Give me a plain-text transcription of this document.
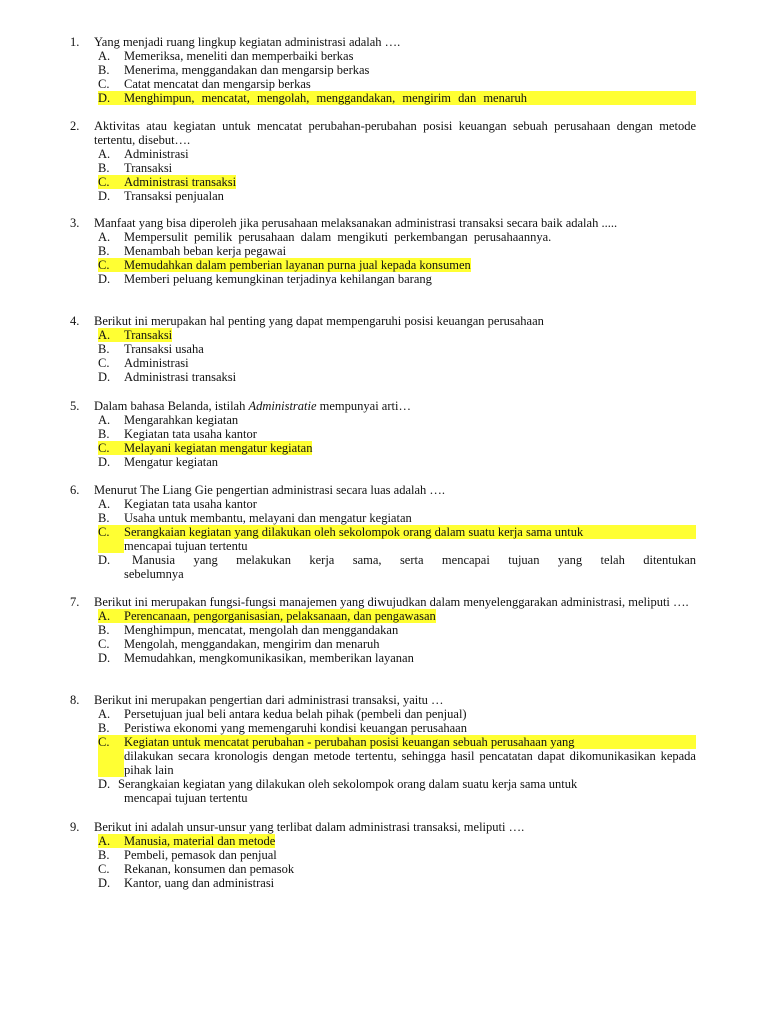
1.	Yang menjadi ruang lingkup kegiatan administrasi adalah ….
A.	Memeriksa, meneliti dan memperbaiki berkas
B.	Menerima, menggandakan dan mengarsip berkas
C.	Catat mencatat dan mengarsip berkas
D.	Menghimpun, mencatat, mengolah, menggandakan, mengirim dan menaruh
2.	Aktivitas atau kegiatan untuk mencatat perubahan-perubahan posisi keuangan sebuah perusahaan dengan metode tertentu, disebut….
A.	Administrasi
B.	Transaksi
C.	Administrasi transaksi
D.	Transaksi penjualan
3.	Manfaat yang bisa diperoleh jika perusahaan melaksanakan administrasi transaksi secara baik adalah .....
A.	Mempersulit pemilik perusahaan dalam mengikuti perkembangan perusahaannya.
B.	Menambah beban kerja pegawai
C.	Memudahkan dalam pemberian layanan purna jual kepada konsumen
D.	Memberi peluang kemungkinan terjadinya kehilangan barang
4.	Berikut ini merupakan hal penting yang dapat mempengaruhi posisi keuangan perusahaan
A.	Transaksi
B.	Transaksi usaha
C.	Administrasi
D.	Administrasi transaksi
5.	Dalam bahasa Belanda, istilah Administratie mempunyai arti…
A.	Mengarahkan kegiatan
B.	Kegiatan tata usaha kantor
C.	Melayani kegiatan mengatur kegiatan
D.	Mengatur kegiatan
6.	Menurut The Liang Gie pengertian administrasi secara luas adalah ….
A.	Kegiatan tata usaha kantor
B.	Usaha untuk membantu, melayani dan mengatur kegiatan
C.	Serangkaian kegiatan yang dilakukan oleh sekolompok orang dalam suatu kerja sama untuk
mencapai tujuan tertentu
D.	Manusia yang melakukan kerja sama, serta mencapai tujuan yang telah ditentukan
sebelumnya
7.	Berikut ini merupakan fungsi-fungsi manajemen yang diwujudkan dalam menyelenggarakan administrasi, meliputi ….
A.	Perencanaan, pengorganisasian, pelaksanaan, dan pengawasan
B.	Menghimpun, mencatat, mengolah dan menggandakan
C.	Mengolah, menggandakan, mengirim dan menaruh
D.	Memudahkan, mengkomunikasikan, memberikan layanan
8.	Berikut ini merupakan pengertian dari administrasi transaksi, yaitu …
A.	Persetujuan jual beli antara kedua belah pihak (pembeli dan penjual)
B.	Peristiwa ekonomi yang memengaruhi kondisi keuangan perusahaan
C.	Kegiatan untuk mencatat perubahan - perubahan posisi keuangan sebuah perusahaan yang
dilakukan secara kronologis dengan metode tertentu, sehingga hasil pencatatan dapat dikomunikasikan kepada pihak lain
D. Serangkaian kegiatan yang dilakukan oleh sekolompok orang dalam suatu kerja sama untuk
mencapai tujuan tertentu
9.	Berikut ini adalah unsur-unsur yang terlibat dalam administrasi transaksi, meliputi ….
A.	Manusia, material dan metode
B.	Pembeli, pemasok dan penjual
C.	Rekanan, konsumen dan pemasok
D.	Kantor, uang dan administrasi
